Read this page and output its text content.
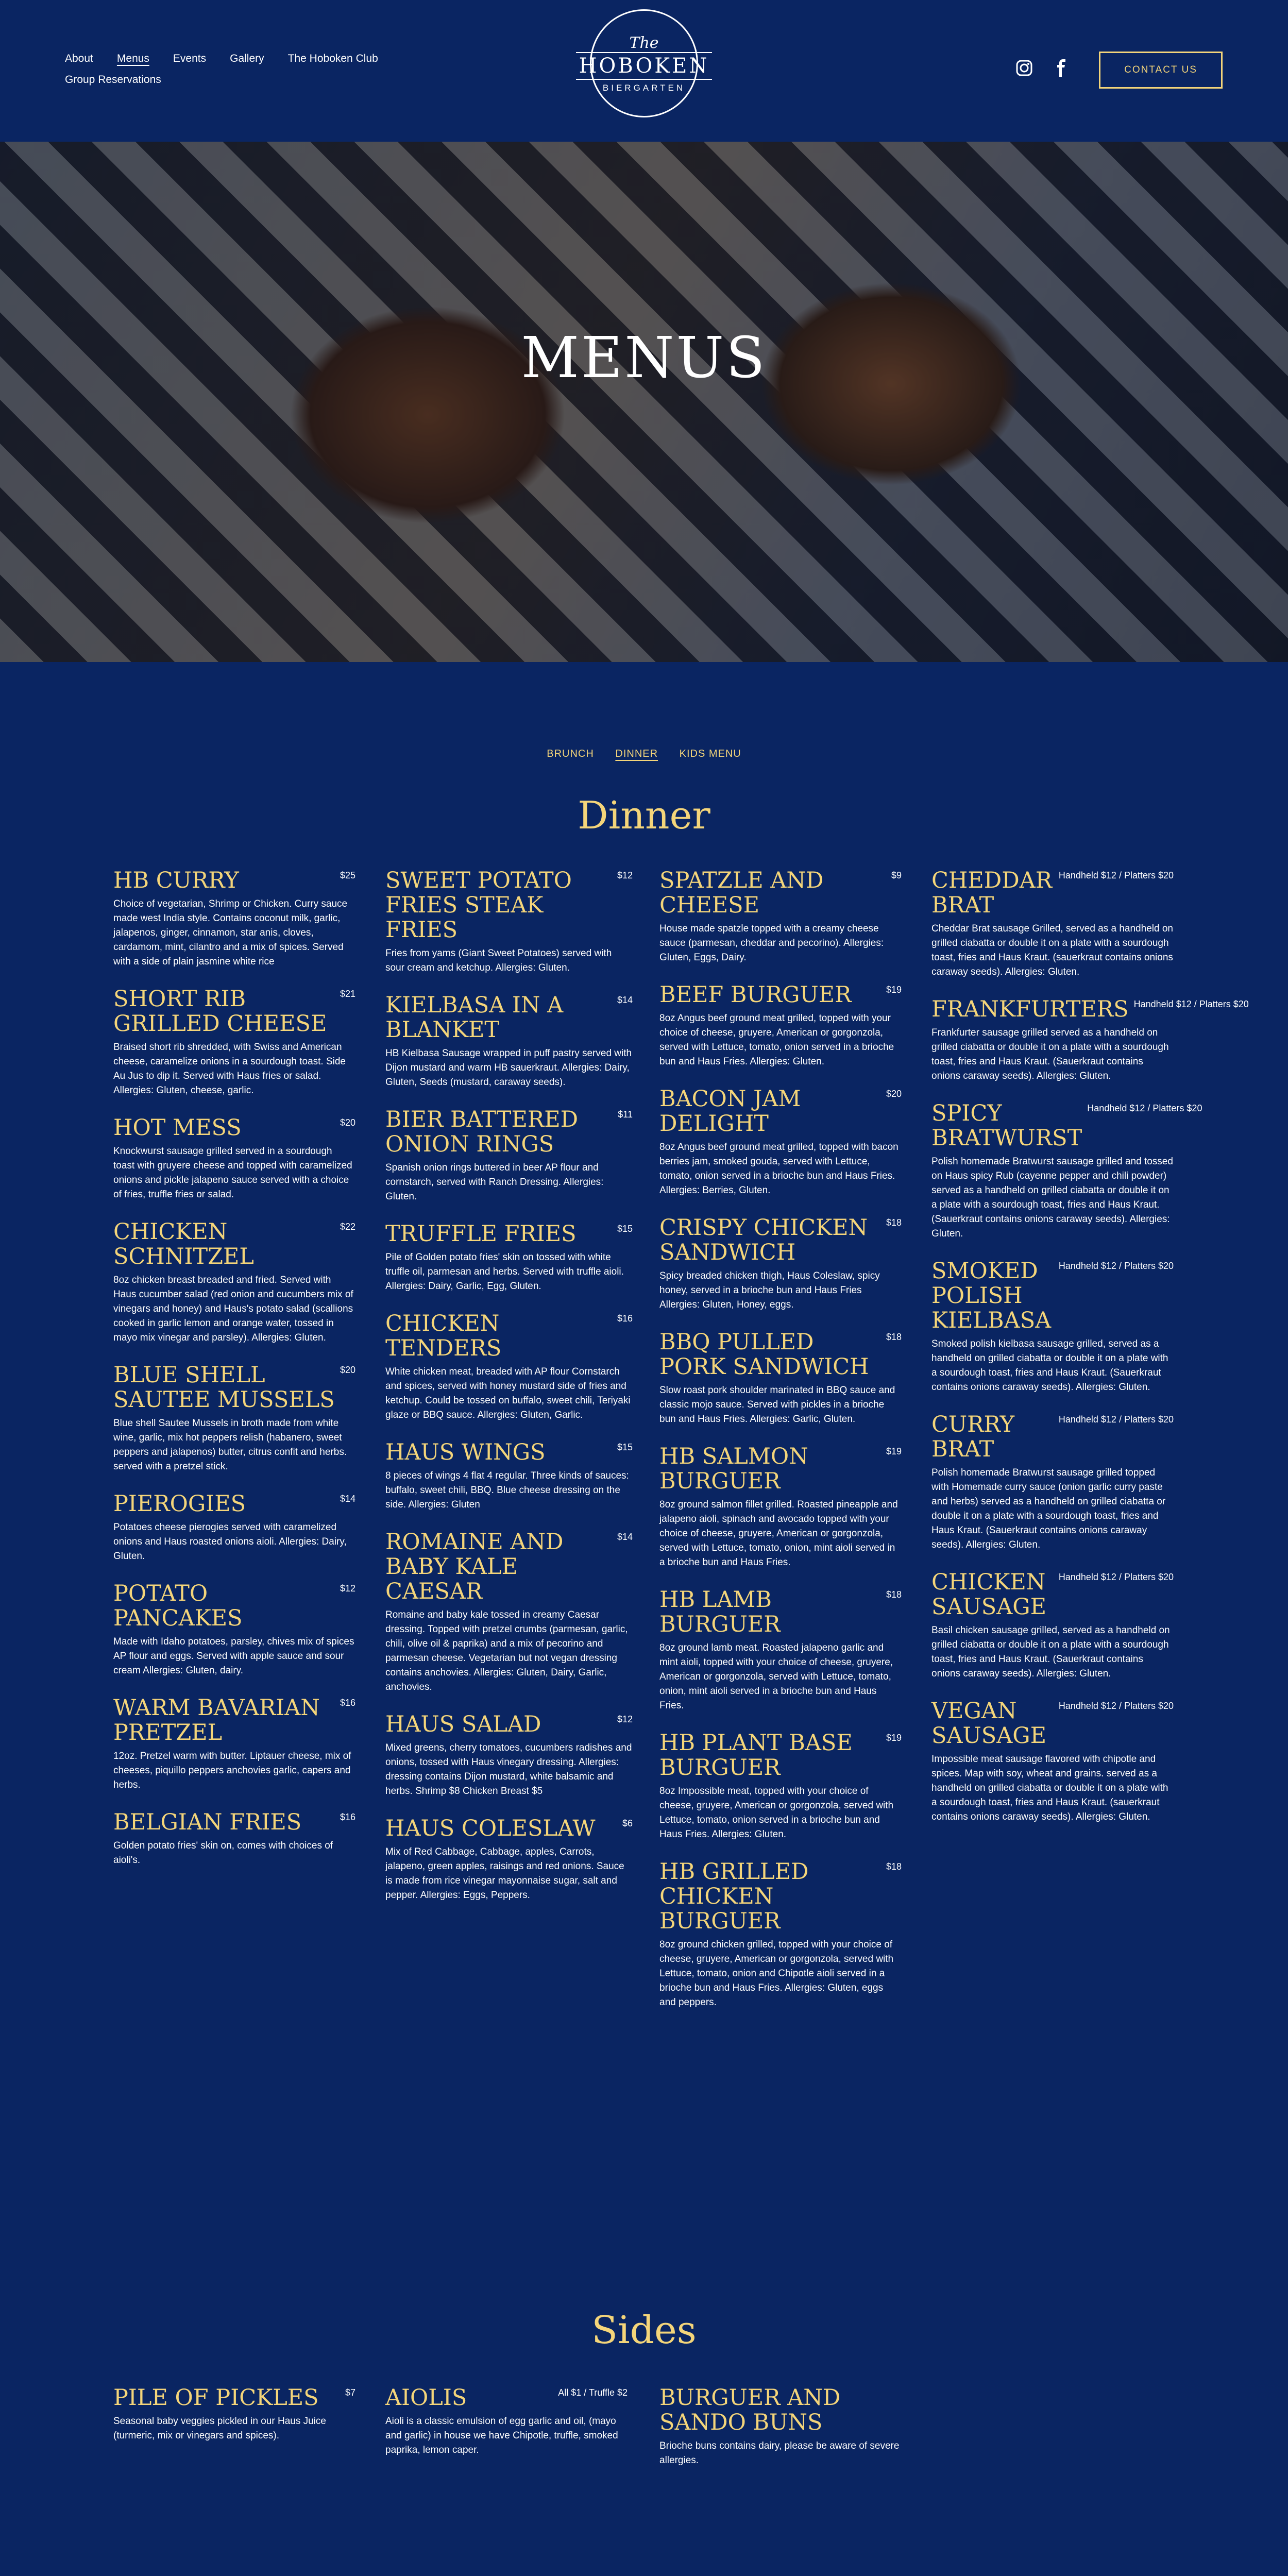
About Menus Events Gallery The Hoboken Club
Group Reservations
The
HOBOKEN
BIERGARTEN
CONTACT US
MENUS
BRUNCH DINNER KIDS MENU
Dinner
HB CURRY	$25
Choice of vegetarian, Shrimp or Chicken. Curry sauce made west India style. Contains coconut milk, garlic, jalapenos, ginger, cinnamon, star anis, cloves, cardamom, mint, cilantro and a mix of spices. Served with a side of plain jasmine white rice
SHORT RIB GRILLED CHEESE
$21
Braised short rib shredded, with Swiss and American cheese, caramelize onions in a sourdough toast. Side Au Jus to dip it. Served with Haus fries or salad. Allergies: Gluten, cheese, garlic.
HOT MESS	$20
Knockwurst sausage grilled served in a sourdough toast with gruyere cheese and topped with caramelized onions and pickle jalapeno sauce served with a choice of fries, truffle fries or salad.
CHICKEN SCHNITZEL
$22
8oz chicken breast breaded and fried. Served with Haus cucumber salad (red onion and cucumbers mix of vinegars and honey) and Haus's potato salad (scallions cooked in garlic lemon and orange water, tossed in mayo mix vinegar and parsley). Allergies: Gluten.
BLUE SHELL SAUTEE MUSSELS
$20
Blue shell Sautee Mussels in broth made from white wine, garlic, mix hot peppers relish (habanero, sweet peppers and jalapenos) butter, citrus confit and herbs. served with a pretzel stick.
PIEROGIES	$14
Potatoes cheese pierogies served with caramelized onions and Haus roasted onions aioli. Allergies: Dairy, Gluten.
POTATO PANCAKES
$12
Made with Idaho potatoes, parsley, chives mix of spices AP flour and eggs. Served with apple sauce and sour cream Allergies: Gluten, dairy.
WARM BAVARIAN PRETZEL
$16
12oz. Pretzel warm with butter. Liptauer cheese, mix of cheeses, piquillo peppers anchovies garlic, capers and herbs.
BELGIAN FRIES	$16
Golden potato fries' skin on, comes with choices of aioli's.
SWEET POTATO FRIES STEAK FRIES
$12
Fries from yams (Giant Sweet Potatoes) served with sour cream and ketchup. Allergies: Gluten.
KIELBASA IN A BLANKET
$14
HB Kielbasa Sausage wrapped in puff pastry served with Dijon mustard and warm HB sauerkraut. Allergies: Dairy, Gluten, Seeds (mustard, caraway seeds).
BIER BATTERED ONION RINGS
$11
Spanish onion rings buttered in beer AP flour and cornstarch, served with Ranch Dressing. Allergies: Gluten.
TRUFFLE FRIES	$15
Pile of Golden potato fries' skin on tossed with white truffle oil, parmesan and herbs. Served with truffle aioli. Allergies: Dairy, Garlic, Egg, Gluten.
CHICKEN TENDERS
$16
White chicken meat, breaded with AP flour Cornstarch and spices, served with honey mustard side of fries and ketchup. Could be tossed on buffalo, sweet chili, Teriyaki glaze or BBQ sauce. Allergies: Gluten, Garlic.
HAUS WINGS	$15
8 pieces of wings 4 flat 4 regular. Three kinds of sauces: buffalo, sweet chili, BBQ. Blue cheese dressing on the side. Allergies: Gluten
ROMAINE AND BABY KALE CAESAR
$14
Romaine and baby kale tossed in creamy Caesar dressing. Topped with pretzel crumbs (parmesan, garlic, chili, olive oil & paprika) and a mix of pecorino and parmesan cheese. Vegetarian but not vegan dressing contains anchovies. Allergies: Gluten, Dairy, Garlic, anchovies.
HAUS SALAD	$12
Mixed greens, cherry tomatoes, cucumbers radishes and onions, tossed with Haus vinegary dressing. Allergies: dressing contains Dijon mustard, white balsamic and herbs. Shrimp $8 Chicken Breast $5
HAUS COLESLAW	$6
Mix of Red Cabbage, Cabbage, apples, Carrots, jalapeno, green apples, raisings and red onions. Sauce is made from rice vinegar mayonnaise sugar, salt and pepper. Allergies: Eggs, Peppers.
SPATZLE AND CHEESE
$9
House made spatzle topped with a creamy cheese sauce (parmesan, cheddar and pecorino). Allergies: Gluten, Eggs, Dairy.
BEEF BURGUER	$19
8oz Angus beef ground meat grilled, topped with your choice of cheese, gruyere, American or gorgonzola, served with Lettuce, tomato, onion served in a brioche bun and Haus Fries. Allergies: Gluten.
BACON JAM DELIGHT
$20
8oz Angus beef ground meat grilled, topped with bacon berries jam, smoked gouda, served with Lettuce, tomato, onion served in a brioche bun and Haus Fries. Allergies: Berries, Gluten.
CRISPY CHICKEN SANDWICH
$18
Spicy breaded chicken thigh, Haus Coleslaw, spicy honey, served in a brioche bun and Haus Fries Allergies: Gluten, Honey, eggs.
BBQ PULLED PORK SANDWICH
$18
Slow roast pork shoulder marinated in BBQ sauce and classic mojo sauce. Served with pickles in a brioche bun and Haus Fries. Allergies: Garlic, Gluten.
HB SALMON BURGUER
$19
8oz ground salmon fillet grilled. Roasted pineapple and jalapeno aioli, spinach and avocado topped with your choice of cheese, gruyere, American or gorgonzola, served with Lettuce, tomato, onion, mint aioli served in a brioche bun and Haus Fries.
HB LAMB BURGUER
$18
8oz ground lamb meat. Roasted jalapeno garlic and mint aioli, topped with your choice of cheese, gruyere, American or gorgonzola, served with Lettuce, tomato, onion, mint aioli served in a brioche bun and Haus Fries.
HB PLANT BASE BURGUER
$19
8oz Impossible meat, topped with your choice of cheese, gruyere, American or gorgonzola, served with Lettuce, tomato, onion served in a brioche bun and Haus Fries. Allergies: Gluten.
HB GRILLED CHICKEN BURGUER
$18
8oz ground chicken grilled, topped with your choice of cheese, gruyere, American or gorgonzola, served with Lettuce, tomato, onion and Chipotle aioli served in a brioche bun and Haus Fries. Allergies: Gluten, eggs and peppers.
CHEDDAR BRAT
Handheld $12 / Platters $20
Cheddar Brat sausage Grilled, served as a handheld on grilled ciabatta or double it on a plate with a sourdough toast, fries and Haus Kraut. (sauerkraut contains onions caraway seeds). Allergies: Gluten.
FRANKFURTERS Handheld $12 / Platters $20
Frankfurter sausage grilled served as a handheld on grilled ciabatta or double it on a plate with a sourdough toast, fries and Haus Kraut. (Sauerkraut contains onions caraway seeds). Allergies: Gluten.
SPICY BRATWURST
Handheld $12 / Platters $20
Polish homemade Bratwurst sausage grilled and tossed on Haus spicy Rub (cayenne pepper and chili powder) served as a handheld on grilled ciabatta or double it on a plate with a sourdough toast, fries and Haus Kraut. (Sauerkraut contains onions caraway seeds). Allergies: Gluten.
SMOKED POLISH KIELBASA
Handheld $12 / Platters $20
Smoked polish kielbasa sausage grilled, served as a handheld on grilled ciabatta or double it on a plate with a sourdough toast, fries and Haus Kraut. (Sauerkraut contains onions caraway seeds). Allergies: Gluten.
CURRY BRAT
Handheld $12 / Platters $20
Polish homemade Bratwurst sausage grilled topped with Homemade curry sauce (onion garlic curry paste and herbs) served as a handheld on grilled ciabatta or double it on a plate with a sourdough toast, fries and Haus Kraut. (Sauerkraut contains onions caraway seeds). Allergies: Gluten.
CHICKEN SAUSAGE
Handheld $12 / Platters $20
Basil chicken sausage grilled, served as a handheld on grilled ciabatta or double it on a plate with a sourdough toast, fries and Haus Kraut. (Sauerkraut contains onions caraway seeds). Allergies: Gluten.
VEGAN SAUSAGE
Handheld $12 / Platters $20
Impossible meat sausage flavored with chipotle and spices. Map with soy, wheat and grains. served as a handheld on grilled ciabatta or double it on a plate with a sourdough toast, fries and Haus Kraut. (sauerkraut contains onions caraway seeds). Allergies: Gluten.
Sides
PILE OF PICKLES	$7
Seasonal baby veggies pickled in our Haus Juice (turmeric, mix or vinegars and spices).
AIOLIS	All $1 / Truffle $2
Aioli is a classic emulsion of egg garlic and oil, (mayo and garlic) in house we have Chipotle, truffle, smoked paprika, lemon caper.
BURGUER AND SANDO BUNS
Brioche buns contains dairy, please be aware of severe allergies.
